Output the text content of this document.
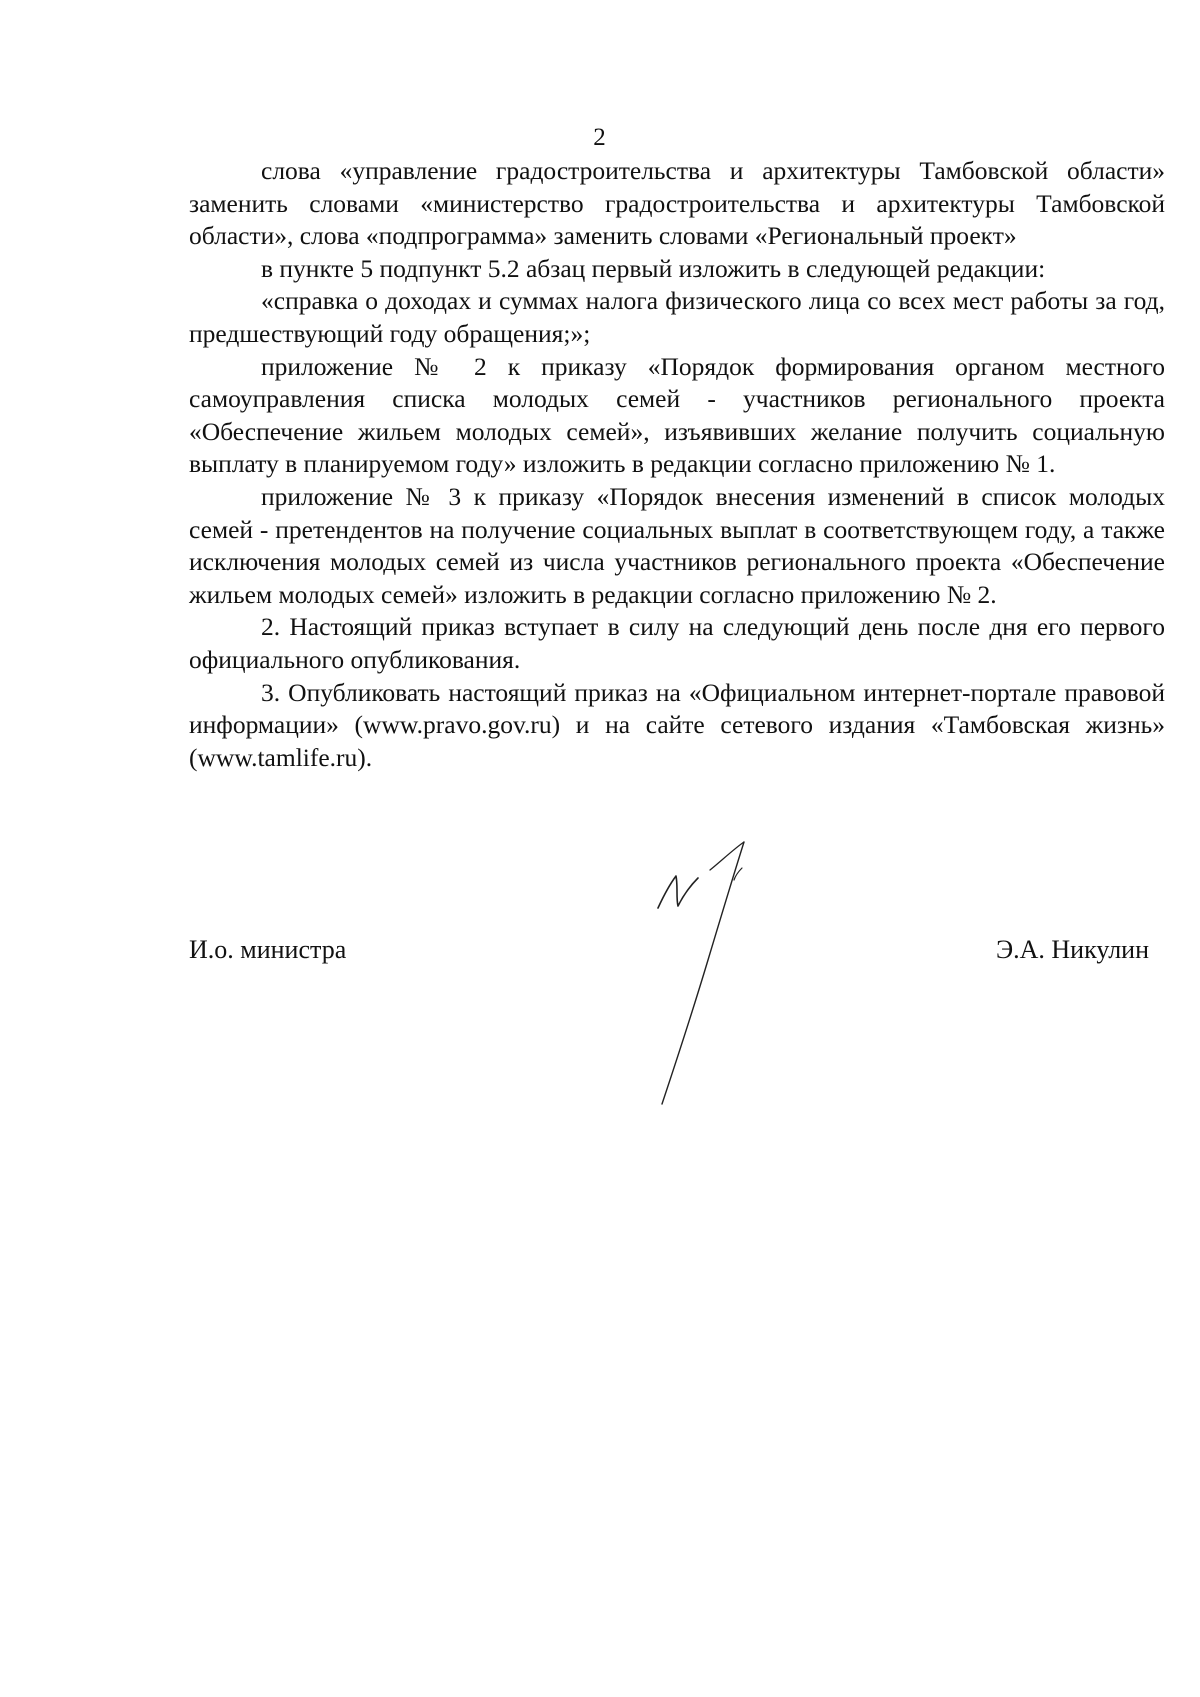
2

слова «управление градостроительства и архитектуры Тамбовской области» заменить словами «министерство градостроительства и архитектуры Тамбовской области», слова «подпрограмма» заменить словами «Региональный проект»

в пункте 5 подпункт 5.2 абзац первый изложить в следующей редакции:

«справка о доходах и суммах налога физического лица со всех мест работы за год, предшествующий году обращения;»;

приложение № 2 к приказу «Порядок формирования органом местного самоуправления списка молодых семей - участников регионального проекта «Обеспечение жильем молодых семей», изъявивших желание получить социальную выплату в планируемом году» изложить в редакции согласно приложению № 1.

приложение № 3 к приказу «Порядок внесения изменений в список молодых семей - претендентов на получение социальных выплат в соответствующем году, а также исключения молодых семей из числа участников регионального проекта «Обеспечение жильем молодых семей» изложить в редакции согласно приложению № 2.

2. Настоящий приказ вступает в силу на следующий день после дня его первого официального опубликования.

3. Опубликовать настоящий приказ на «Официальном интернет-портале правовой информации» (www.pravo.gov.ru) и на сайте сетевого издания «Тамбовская жизнь» (www.tamlife.ru).

И.о. министра	Э.А. Никулин
